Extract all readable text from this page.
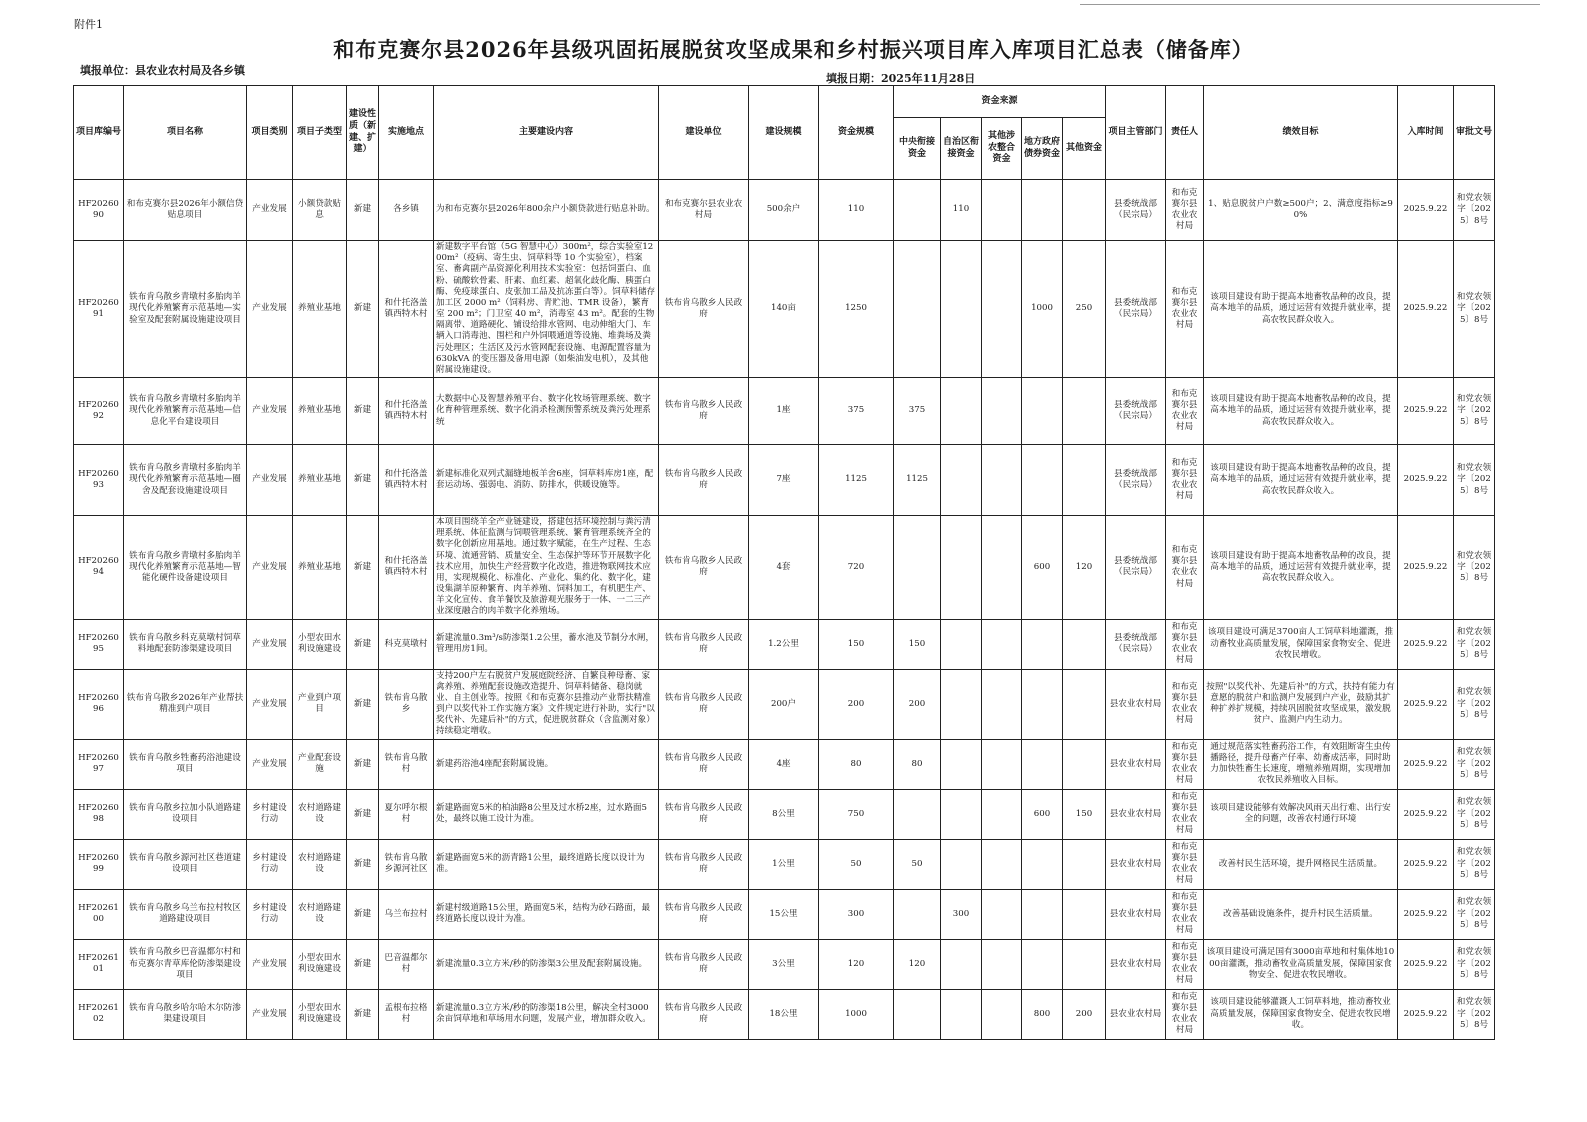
附件1
和布克赛尔县2026年县级巩固拓展脱贫攻坚成果和乡村振兴项目库入库项目汇总表（储备库）
填报单位：县农业农村局及各乡镇
填报日期：2025年11月28日
项目库编号	项目名称	项目类别	项目子类型	建设性质（新建、扩建）	实施地点	主要建设内容	建设单位	建设规模	资金规模	资金来源					项目主管部门	责任人	绩效目标	入库时间	审批文号
										中央衔接资金	自治区衔接资金	其他涉农整合资金	地方政府债券资金	其他资金					
HF2026090	和布克赛尔县2026年小额信贷贴息项目	产业发展	小额贷款贴息	新建	各乡镇	为和布克赛尔县2026年800余户小额贷款进行贴息补助。	和布克赛尔县农业农村局	500余户	110		110				县委统战部（民宗局）	和布克赛尔县农业农村局	1、贴息脱贫户户数≥500户；2、满意度指标≥90%	2025.9.22	和党农领字〔2025〕8号
HF2026091	铁布肯乌散乡青墩村多胎肉羊现代化养殖繁育示范基地—实验室及配套附属设施建设项目	产业发展	养殖业基地	新建	和什托洛盖镇西特木村	新建数字平台馆（5G 智慧中心）300m²，综合实验室1200m²（疫病、寄生虫、饲草料等 10 个实验室），档案室、畜禽副产品资源化利用技术实验室：包括饲蛋白、血粉、硫酸软骨素、肝素、血红素、超氧化歧化酶、胰蛋白酶、免疫球蛋白、皮张加工品及抗冻蛋白等）。饲草料储存加工区 2000 m²（饲料房、青贮池、TMR 设备），繁育室 200 m²；门卫室 40 m²，消毒室 43 m²。配套的生物隔离带、道路硬化、铺设给排水管网、电动伸缩大门、车辆入口消毒池、围栏和户外饲喂通道等设施、堆粪场及粪污处理区；生活区及污水管网配套设施、电源配置容量为630kVA 的变压器及备用电源（如柴油发电机），及其他附属设施建设。	铁布肯乌散乡人民政府	140亩	1250				1000	250	县委统战部（民宗局）	和布克赛尔县农业农村局	该项目建设有助于提高本地畜牧品种的改良，提高本地羊的品质，通过运营有效提升就业率，提高农牧民群众收入。	2025.9.22	和党农领字〔2025〕8号
HF2026092	铁布肯乌散乡青墩村多胎肉羊现代化养殖繁育示范基地—信息化平台建设项目	产业发展	养殖业基地	新建	和什托洛盖镇西特木村	大数据中心及智慧养殖平台、数字化牧场管理系统、数字化育种管理系统、数字化消杀检测预警系统及粪污处理系统	铁布肯乌散乡人民政府	1座	375	375					县委统战部（民宗局）	和布克赛尔县农业农村局	该项目建设有助于提高本地畜牧品种的改良，提高本地羊的品质，通过运营有效提升就业率，提高农牧民群众收入。	2025.9.22	和党农领字〔2025〕8号
HF2026093	铁布肯乌散乡青墩村多胎肉羊现代化养殖繁育示范基地—圈舍及配套设施建设项目	产业发展	养殖业基地	新建	和什托洛盖镇西特木村	新建标准化双列式漏缝地板羊舍6座，饲草料库房1座，配套运动场、强弱电、消防、防排水，供暖设施等。	铁布肯乌散乡人民政府	7座	1125	1125					县委统战部（民宗局）	和布克赛尔县农业农村局	该项目建设有助于提高本地畜牧品种的改良，提高本地羊的品质，通过运营有效提升就业率，提高农牧民群众收入。	2025.9.22	和党农领字〔2025〕8号
HF2026094	铁布肯乌散乡青墩村多胎肉羊现代化养殖繁育示范基地—智能化硬件设备建设项目	产业发展	养殖业基地	新建	和什托洛盖镇西特木村	本项目围绕羊全产业链建设，搭建包括环境控制与粪污清理系统、体征监测与饲喂管理系统、繁育管理系统齐全的数字化创新应用基地。通过数字赋能，在生产过程、生态环境、流通营销、质量安全、生态保护等环节开展数字化技术应用，加快生产经营数字化改造，推进物联网技术应用，实现规模化、标准化、产业化、集约化、数字化，建设集湖羊原种繁育、肉羊养殖、饲料加工，有机肥生产、羊文化宣传、食羊餐饮及旅游观光服务于一体、一二三产业深度融合的肉羊数字化养殖场。	铁布肯乌散乡人民政府	4套	720				600	120	县委统战部（民宗局）	和布克赛尔县农业农村局	该项目建设有助于提高本地畜牧品种的改良，提高本地羊的品质，通过运营有效提升就业率，提高农牧民群众收入。	2025.9.22	和党农领字〔2025〕8号
HF2026095	铁布肯乌散乡科克莫墩村饲草料地配套防渗渠建设项目	产业发展	小型农田水利设施建设	新建	科克莫墩村	新建流量0.3m³/s防渗渠1.2公里，蓄水池及节制分水闸，管理用房1间。	铁布肯乌散乡人民政府	1.2公里	150	150					县委统战部（民宗局）	和布克赛尔县农业农村局	该项目建设可满足3700亩人工饲草料地灌溉，推动畜牧业高质量发展，保障国家食物安全、促进农牧民增收。	2025.9.22	和党农领字〔2025〕8号
HF2026096	铁布肯乌散乡2026年产业帮扶精准到户项目	产业发展	产业到户项目	新建	铁布肯乌散乡	支持200户左右脱贫户发展庭院经济、自繁良种母畜、家禽养殖、养殖配套设施改造提升、饲草料储备、稳岗就业、自主创业等。按照《和布克赛尔县推动产业帮扶精准到户以奖代补工作实施方案》文件规定进行补助，实行"以奖代补、先建后补"的方式，促进脱贫群众（含监测对象）持续稳定增收。	铁布肯乌散乡人民政府	200户	200	200					县农业农村局	和布克赛尔县农业农村局	按照"以奖代补、先建后补"的方式，扶持有能力有意愿的脱贫户和监测户发展到户产业，鼓励其扩种扩养扩规模，持续巩固脱贫攻坚成果，激发脱贫户、监测户内生动力。	2025.9.22	和党农领字〔2025〕8号
HF2026097	铁布肯乌散乡牲畜药浴池建设项目	产业发展	产业配套设施	新建	铁布肯乌散村	新建药浴池4座配套附属设施。	铁布肯乌散乡人民政府	4座	80	80					县农业农村局	和布克赛尔县农业农村局	通过规范落实牲畜药浴工作，有效阻断寄生虫传播路径，提升母畜产仔率、幼畜成活率，同时助力加快牲畜生长速度，增殖养殖周期，实现增加农牧民养殖收入目标。	2025.9.22	和党农领字〔2025〕8号
HF2026098	铁布肯乌散乡拉加小队道路建设项目	乡村建设行动	农村道路建设	新建	夏尔呼尔根村	新建路面宽5米的柏油路8公里及过水桥2座，过水路面5处，最终以施工设计为准。	铁布肯乌散乡人民政府	8公里	750				600	150	县农业农村局	和布克赛尔县农业农村局	该项目建设能够有效解决风雨天出行难、出行安全的问题，改善农村通行环境	2025.9.22	和党农领字〔2025〕8号
HF2026099	铁布肯乌散乡源河社区巷道建设项目	乡村建设行动	农村道路建设	新建	铁布肯乌散乡源河社区	新建路面宽5米的沥青路1公里，最终道路长度以设计为准。	铁布肯乌散乡人民政府	1公里	50	50					县农业农村局	和布克赛尔县农业农村局	改善村民生活环境，提升网格民生活质量。	2025.9.22	和党农领字〔2025〕8号
HF2026100	铁布肯乌散乡乌兰布拉村牧区道路建设项目	乡村建设行动	农村道路建设	新建	乌兰布拉村	新建村级道路15公里，路面宽5米，结构为砂石路面，最终道路长度以设计为准。	铁布肯乌散乡人民政府	15公里	300		300				县农业农村局	和布克赛尔县农业农村局	改善基础设施条件，提升村民生活质量。	2025.9.22	和党农领字〔2025〕8号
HF2026101	铁布肯乌散乡巴音温都尔村和布克赛尔青草库伦防渗渠建设项目	产业发展	小型农田水利设施建设	新建	巴音温都尔村	新建流量0.3立方米/秒的防渗渠3公里及配套附属设施。	铁布肯乌散乡人民政府	3公里	120	120					县农业农村局	和布克赛尔县农业农村局	该项目建设可满足国有3000亩草地和村集体地1000亩灌溉，推动畜牧业高质量发展，保障国家食物安全、促进农牧民增收。	2025.9.22	和党农领字〔2025〕8号
HF2026102	铁布肯乌散乡哈尔哈木尔防渗渠建设项目	产业发展	小型农田水利设施建设	新建	孟根布拉格村	新建流量0.3立方米/秒的防渗渠18公里，解决全村3000余亩饲草地和草场用水问题，发展产业，增加群众收入。	铁布肯乌散乡人民政府	18公里	1000				800	200	县农业农村局	和布克赛尔县农业农村局	该项目建设能够灌溉人工饲草料地，推动畜牧业高质量发展，保障国家食物安全、促进农牧民增收。	2025.9.22	和党农领字〔2025〕8号
